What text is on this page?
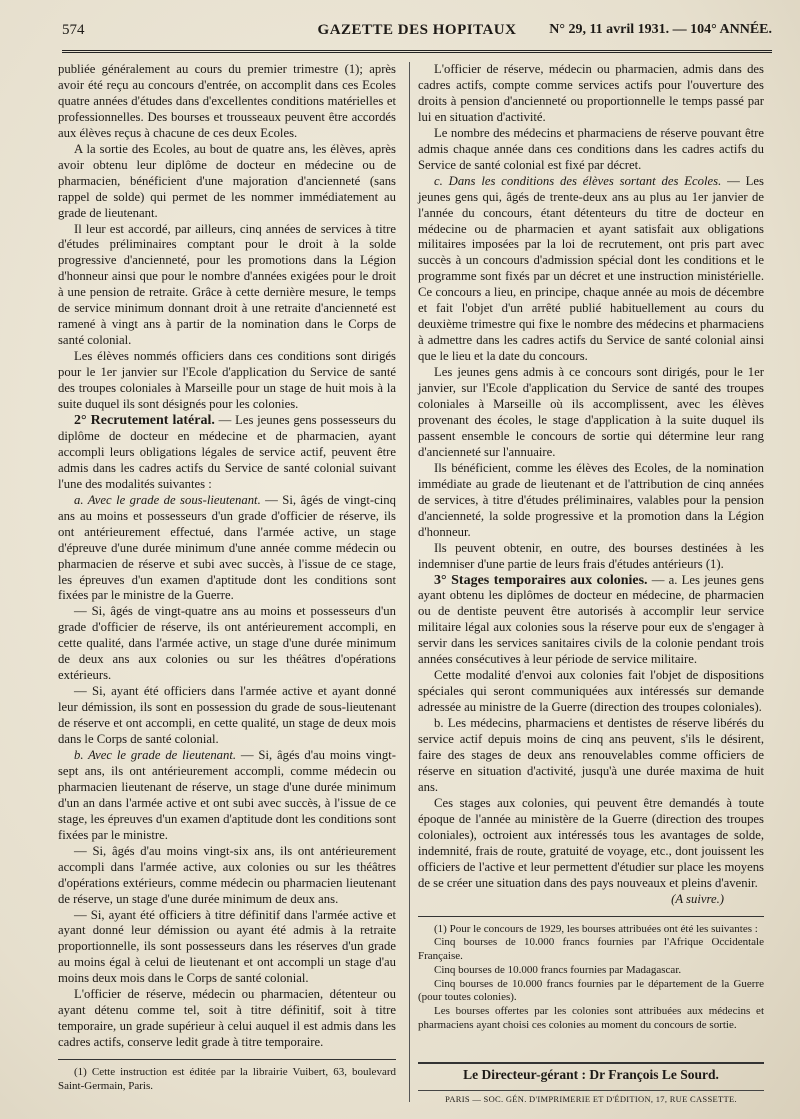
574	GAZETTE DES HOPITAUX	N° 29, 11 avril 1931. — 104° ANNÉE.

publiée généralement au cours du premier trimestre (1); après avoir été reçu au concours d'entrée, on accomplit dans ces Ecoles quatre années d'études dans d'excellentes conditions matérielles et professionnelles. Des bourses et trousseaux peuvent être accordés aux élèves reçus à chacune de ces deux Ecoles.

A la sortie des Ecoles, au bout de quatre ans, les élèves, après avoir obtenu leur diplôme de docteur en médecine ou de pharmacien, bénéficient d'une majoration d'ancienneté (sans rappel de solde) qui permet de les nommer immédiatement au grade de lieutenant.

Il leur est accordé, par ailleurs, cinq années de services à titre d'études préliminaires comptant pour le droit à la solde progressive d'ancienneté, pour les promotions dans la Légion d'honneur ainsi que pour le nombre d'années exigées pour le droit à une pension de retraite. Grâce à cette dernière mesure, le temps de service minimum donnant droit à une retraite d'ancienneté est ramené à vingt ans à partir de la nomination dans le Corps de santé colonial.

Les élèves nommés officiers dans ces conditions sont dirigés pour le 1er janvier sur l'Ecole d'application du Service de santé des troupes coloniales à Marseille pour un stage de huit mois à la suite duquel ils sont désignés pour les colonies.

2° Recrutement latéral. — Les jeunes gens possesseurs du diplôme de docteur en médecine et de pharmacien, ayant accompli leurs obligations légales de service actif, peuvent être admis dans les cadres actifs du Service de santé colonial suivant l'une des modalités suivantes :

a. Avec le grade de sous-lieutenant. — Si, âgés de vingt-cinq ans au moins et possesseurs d'un grade d'officier de réserve, ils ont antérieurement effectué, dans l'armée active, un stage d'épreuve d'une durée minimum d'une année comme médecin ou pharmacien de réserve et subi avec succès, à l'issue de ce stage, les épreuves d'un examen d'aptitude dont les conditions sont fixées par le ministre de la Guerre.

— Si, âgés de vingt-quatre ans au moins et possesseurs d'un grade d'officier de réserve, ils ont antérieurement accompli, en cette qualité, dans l'armée active, un stage d'une durée minimum de deux ans aux colonies ou sur les théâtres d'opérations extérieurs.

— Si, ayant été officiers dans l'armée active et ayant donné leur démission, ils sont en possession du grade de sous-lieutenant de réserve et ont accompli, en cette qualité, un stage de deux mois dans le Corps de santé colonial.

b. Avec le grade de lieutenant. — Si, âgés d'au moins vingt-sept ans, ils ont antérieurement accompli, comme médecin ou pharmacien lieutenant de réserve, un stage d'une durée minimum d'un an dans l'armée active et ont subi avec succès, à l'issue de ce stage, les épreuves d'un examen d'aptitude dont les conditions sont fixées par le ministre.

— Si, âgés d'au moins vingt-six ans, ils ont antérieurement accompli dans l'armée active, aux colonies ou sur les théâtres d'opérations extérieurs, comme médecin ou pharmacien lieutenant de réserve, un stage d'une durée minimum de deux ans.

— Si, ayant été officiers à titre définitif dans l'armée active et ayant donné leur démission ou ayant été admis à la retraite proportionnelle, ils sont possesseurs dans les réserves d'un grade au moins égal à celui de lieutenant et ont accompli un stage d'au moins deux mois dans le Corps de santé colonial.

L'officier de réserve, médecin ou pharmacien, détenteur ou ayant détenu comme tel, soit à titre définitif, soit à titre temporaire, un grade supérieur à celui auquel il est admis dans les cadres actifs, conserve ledit grade à titre temporaire.

(1) Cette instruction est éditée par la librairie Vuibert, 63, boulevard Saint-Germain, Paris.

L'officier de réserve, médecin ou pharmacien, admis dans des cadres actifs, compte comme services actifs pour l'ouverture des droits à pension d'ancienneté ou proportionnelle le temps passé par lui en situation d'activité.

Le nombre des médecins et pharmaciens de réserve pouvant être admis chaque année dans ces conditions dans les cadres actifs du Service de santé colonial est fixé par décret.

c. Dans les conditions des élèves sortant des Ecoles. — Les jeunes gens qui, âgés de trente-deux ans au plus au 1er janvier de l'année du concours, étant détenteurs du titre de docteur en médecine ou de pharmacien et ayant satisfait aux obligations militaires imposées par la loi de recrutement, ont pris part avec succès à un concours d'admission spécial dont les conditions et le programme sont fixés par un décret et une instruction ministérielle. Ce concours a lieu, en principe, chaque année au mois de décembre et fait l'objet d'un arrêté publié habituellement au cours du deuxième trimestre qui fixe le nombre des médecins et pharmaciens à admettre dans les cadres actifs du Service de santé colonial ainsi que le lieu et la date du concours.

Les jeunes gens admis à ce concours sont dirigés, pour le 1er janvier, sur l'Ecole d'application du Service de santé des troupes coloniales à Marseille où ils accomplissent, avec les élèves provenant des écoles, le stage d'application à la suite duquel ils passent ensemble le concours de sortie qui détermine leur rang d'ancienneté sur l'annuaire.

Ils bénéficient, comme les élèves des Ecoles, de la nomination immédiate au grade de lieutenant et de l'attribution de cinq années de services, à titre d'études préliminaires, valables pour la pension d'ancienneté, la solde progressive et la promotion dans la Légion d'honneur.

Ils peuvent obtenir, en outre, des bourses destinées à les indemniser d'une partie de leurs frais d'études antérieurs (1).

3° Stages temporaires aux colonies. — a. Les jeunes gens ayant obtenu les diplômes de docteur en médecine, de pharmacien ou de dentiste peuvent être autorisés à accomplir leur service militaire légal aux colonies sous la réserve pour eux de s'engager à servir dans les services sanitaires civils de la colonie pendant trois années consécutives à leur période de service militaire.

Cette modalité d'envoi aux colonies fait l'objet de dispositions spéciales qui seront communiquées aux intéressés sur demande adressée au ministre de la Guerre (direction des troupes coloniales).

b. Les médecins, pharmaciens et dentistes de réserve libérés du service actif depuis moins de cinq ans peuvent, s'ils le désirent, faire des stages de deux ans renouvelables comme officiers de réserve en situation d'activité, jusqu'à une durée maxima de huit ans.

Ces stages aux colonies, qui peuvent être demandés à toute époque de l'année au ministère de la Guerre (direction des troupes coloniales), octroient aux intéressés tous les avantages de solde, indemnité, frais de route, gratuité de voyage, etc., dont jouissent les officiers de l'active et leur permettent d'étudier sur place les moyens de se créer une situation dans des pays nouveaux et pleins d'avenir.

(A suivre.)

(1) Pour le concours de 1929, les bourses attribuées ont été les suivantes :

Cinq bourses de 10.000 francs fournies par l'Afrique Occidentale Française.

Cinq bourses de 10.000 francs fournies par Madagascar.

Cinq bourses de 10.000 francs fournies par le département de la Guerre (pour toutes colonies).

Les bourses offertes par les colonies sont attribuées aux médecins et pharmaciens ayant choisi ces colonies au moment du concours de sortie.

Le Directeur-gérant : Dr François Le Sourd.
PARIS — SOC. GÉN. D'IMPRIMERIE ET D'ÉDITION, 17, RUE CASSETTE.
